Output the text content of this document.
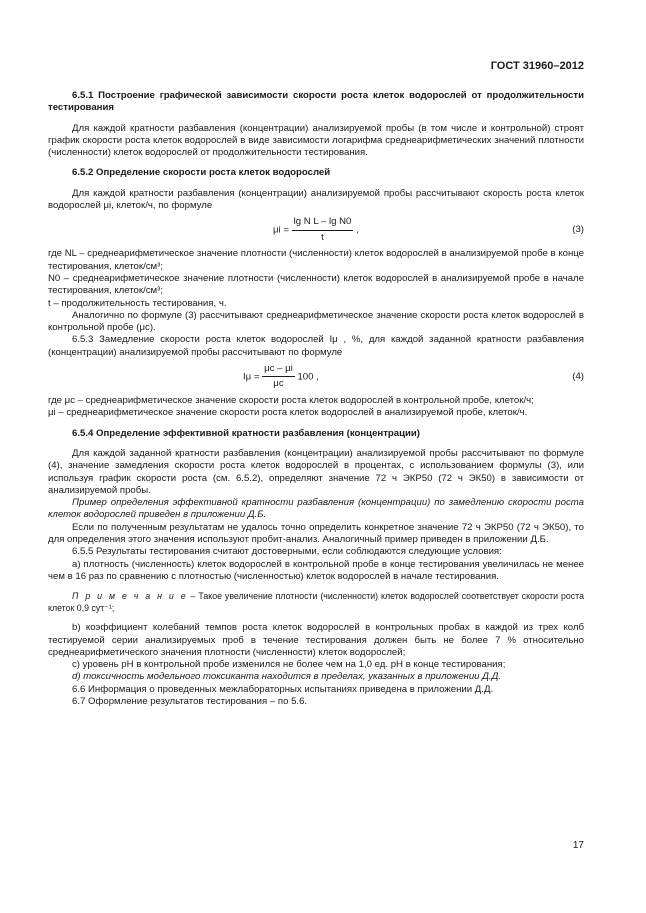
ГОСТ 31960–2012

6.5.1 Построение графической зависимости скорости роста клеток водорослей от продолжительности тестирования

Для каждой кратности разбавления (концентрации) анализируемой пробы (в том числе и контрольной) строят график скорости роста клеток водорослей в виде зависимости логарифма среднеарифметических значений плотности (численности) клеток водорослей от продолжительности тестирования.

6.5.2 Определение скорости роста клеток водорослей

Для каждой кратности разбавления (концентрации) анализируемой пробы рассчитывают скорость роста клеток водорослей μi, клеток/ч, по формуле

$\mu i = \frac{\text{lg N L – lg N0}}{t}$ ,	(3)

где NL – среднеарифметическое значение плотности (численности) клеток водорослей в анализируемой пробе в конце тестирования, клеток/см³;

N0 – среднеарифметическое значение плотности (численности) клеток водорослей в анализируемой пробе в начале тестирования, клеток/см³;

t – продолжительность тестирования, ч.

Аналогично по формуле (3) рассчитывают среднеарифметическое значение скорости роста клеток водорослей в контрольной пробе (μc).

6.5.3 Замедление скорости роста клеток водорослей Iμ , %, для каждой заданной кратности разбавления (концентрации) анализируемой пробы рассчитывают по формуле

$I\mu = \frac{\mu c - \mu i}{\mu c} 100$ ,	(4)

где μc – среднеарифметическое значение скорости роста клеток водорослей в контрольной пробе, клеток/ч;

μi – среднеарифметическое значение скорости роста клеток водорослей в анализируемой пробе, клеток/ч.

6.5.4 Определение эффективной кратности разбавления (концентрации)

Для каждой заданной кратности разбавления (концентрации) анализируемой пробы рассчитывают по формуле (4), значение замедления скорости роста клеток водорослей в процентах, с использованием формулы (3), или используя график скорости роста (см. 6.5.2), определяют значение 72 ч ЭКР50 (72 ч ЭК50) в зависимости от анализируемой пробы.

Пример определения эффективной кратности разбавления (концентрации) по замедлению скорости роста клеток водорослей приведен в приложении Д.Б.

Если по полученным результатам не удалось точно определить конкретное значение 72 ч ЭКР50 (72 ч ЭК50), то для определения этого значения используют пробит-анализ. Аналогичный пример приведен в приложении Д.Б.

6.5.5 Результаты тестирования считают достоверными, если соблюдаются следующие условия:

а) плотность (численность) клеток водорослей в контрольной пробе в конце тестирования увеличилась не менее чем в 16 раз по сравнению с плотностью (численностью) клеток водорослей в начале тестирования.

П р и м е ч а н и е – Такое увеличение плотности (численности) клеток водорослей соответствует скорости роста клеток 0,9 сут⁻¹;

b) коэффициент колебаний темпов роста клеток водорослей в контрольных пробах в каждой из трех колб тестируемой серии анализируемых проб в течение тестирования должен быть не более 7 % относительно среднеарифметического значения плотности (численности) клеток водорослей;

с) уровень рН в контрольной пробе изменился не более чем на 1,0 ед. рН в конце тестирования;

d) токсичность модельного токсиканта находится в пределах, указанных в приложении Д.Д.

6.6 Информация о проведенных межлабораторных испытаниях приведена в приложении Д.Д.

6.7 Оформление результатов тестирования – по 5.6.

17
